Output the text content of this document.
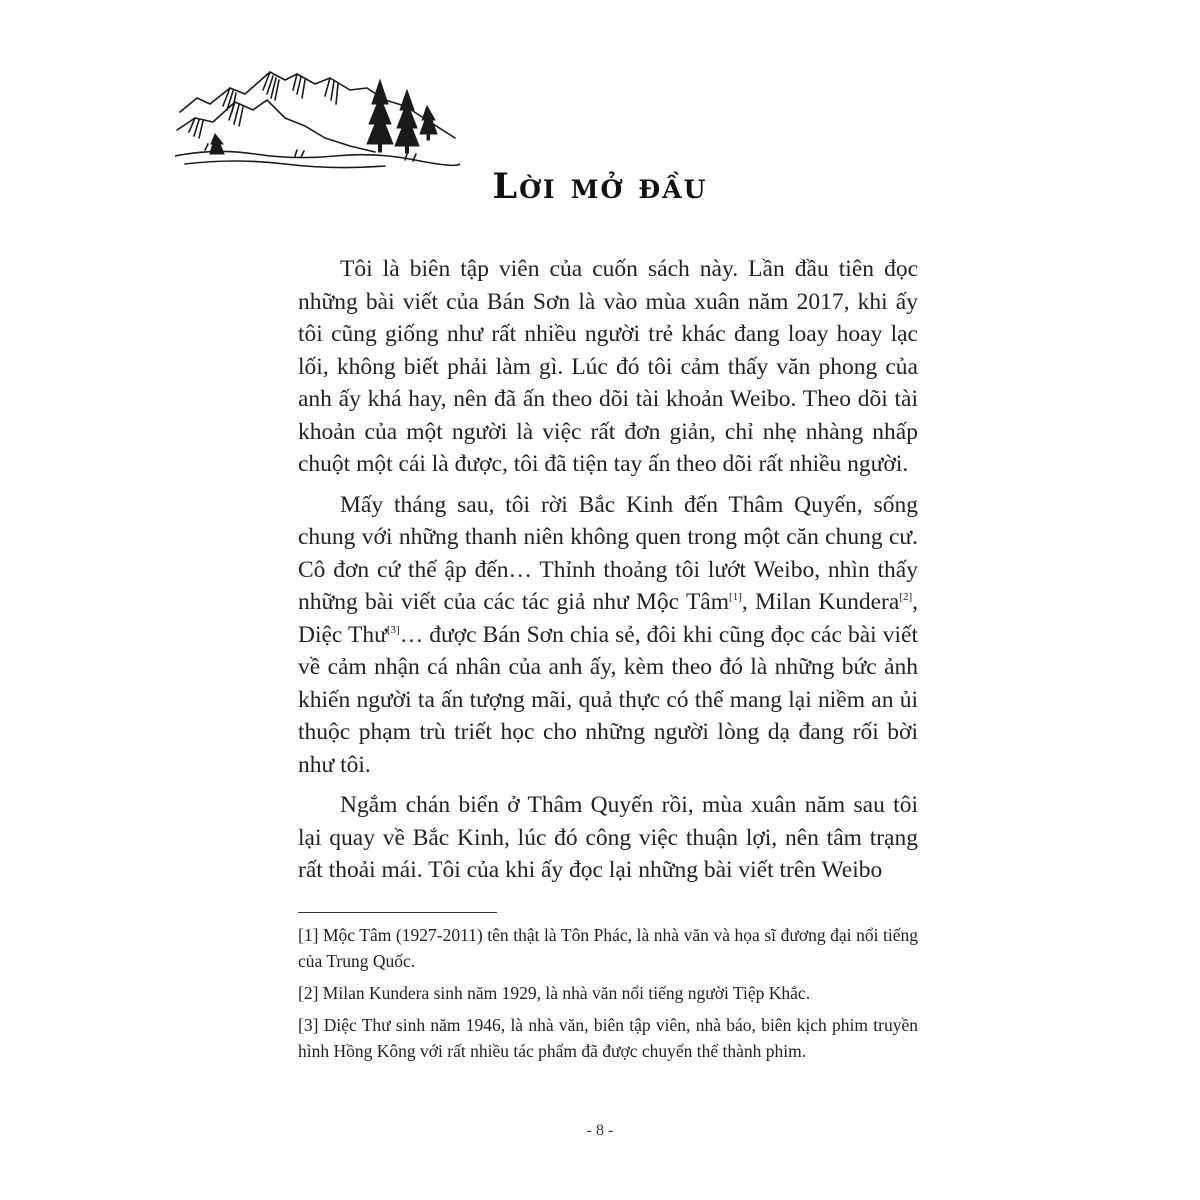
Lời mở đầu

Tôi là biên tập viên của cuốn sách này. Lần đầu tiên đọc những bài viết của Bán Sơn là vào mùa xuân năm 2017, khi ấy tôi cũng giống như rất nhiều người trẻ khác đang loay hoay lạc lối, không biết phải làm gì. Lúc đó tôi cảm thấy văn phong của anh ấy khá hay, nên đã ấn theo dõi tài khoản Weibo. Theo dõi tài khoản của một người là việc rất đơn giản, chỉ nhẹ nhàng nhấp chuột một cái là được, tôi đã tiện tay ấn theo dõi rất nhiều người.

Mấy tháng sau, tôi rời Bắc Kinh đến Thâm Quyến, sống chung với những thanh niên không quen trong một căn chung cư. Cô đơn cứ thế ập đến… Thỉnh thoảng tôi lướt Weibo, nhìn thấy những bài viết của các tác giả như Mộc Tâm[1], Milan Kundera[2], Diệc Thư[3]… được Bán Sơn chia sẻ, đôi khi cũng đọc các bài viết về cảm nhận cá nhân của anh ấy, kèm theo đó là những bức ảnh khiến người ta ấn tượng mãi, quả thực có thể mang lại niềm an ủi thuộc phạm trù triết học cho những người lòng dạ đang rối bời như tôi.

Ngắm chán biển ở Thâm Quyến rồi, mùa xuân năm sau tôi lại quay về Bắc Kinh, lúc đó công việc thuận lợi, nên tâm trạng rất thoải mái. Tôi của khi ấy đọc lại những bài viết trên Weibo

[1] Mộc Tâm (1927-2011) tên thật là Tôn Phác, là nhà văn và họa sĩ đương đại nổi tiếng của Trung Quốc.

[2] Milan Kundera sinh năm 1929, là nhà văn nổi tiếng người Tiệp Khắc.

[3] Diệc Thư sinh năm 1946, là nhà văn, biên tập viên, nhà báo, biên kịch phim truyền hình Hồng Kông với rất nhiều tác phẩm đã được chuyển thể thành phim.

- 8 -
